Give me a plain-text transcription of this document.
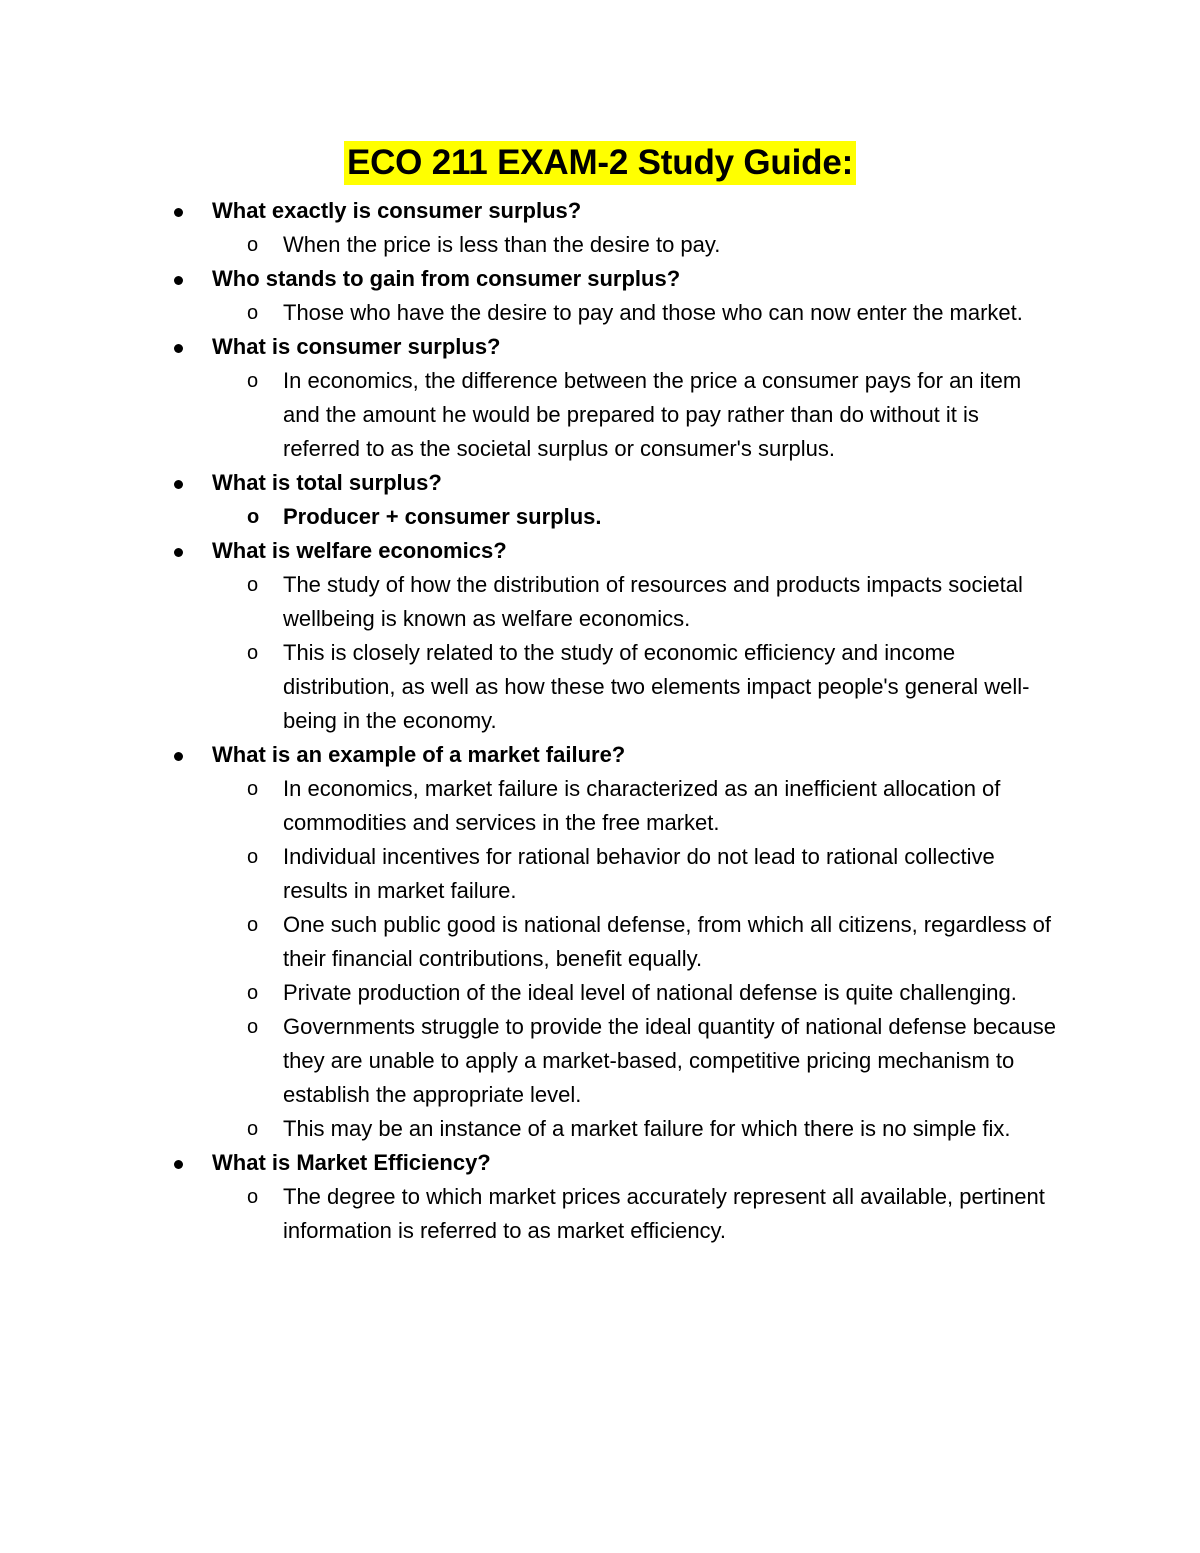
ECO 211 EXAM-2 Study Guide:
What exactly is consumer surplus?
o When the price is less than the desire to pay.
Who stands to gain from consumer surplus?
o Those who have the desire to pay and those who can now enter the market.
What is consumer surplus?
o In economics, the difference between the price a consumer pays for an item and the amount he would be prepared to pay rather than do without it is referred to as the societal surplus or consumer's surplus.
What is total surplus?
o Producer + consumer surplus.
What is welfare economics?
o The study of how the distribution of resources and products impacts societal wellbeing is known as welfare economics.
o This is closely related to the study of economic efficiency and income distribution, as well as how these two elements impact people's general well-being in the economy.
What is an example of a market failure?
o In economics, market failure is characterized as an inefficient allocation of commodities and services in the free market.
o Individual incentives for rational behavior do not lead to rational collective results in market failure.
o One such public good is national defense, from which all citizens, regardless of their financial contributions, benefit equally.
o Private production of the ideal level of national defense is quite challenging.
o Governments struggle to provide the ideal quantity of national defense because they are unable to apply a market-based, competitive pricing mechanism to establish the appropriate level.
o This may be an instance of a market failure for which there is no simple fix.
What is Market Efficiency?
o The degree to which market prices accurately represent all available, pertinent information is referred to as market efficiency.
